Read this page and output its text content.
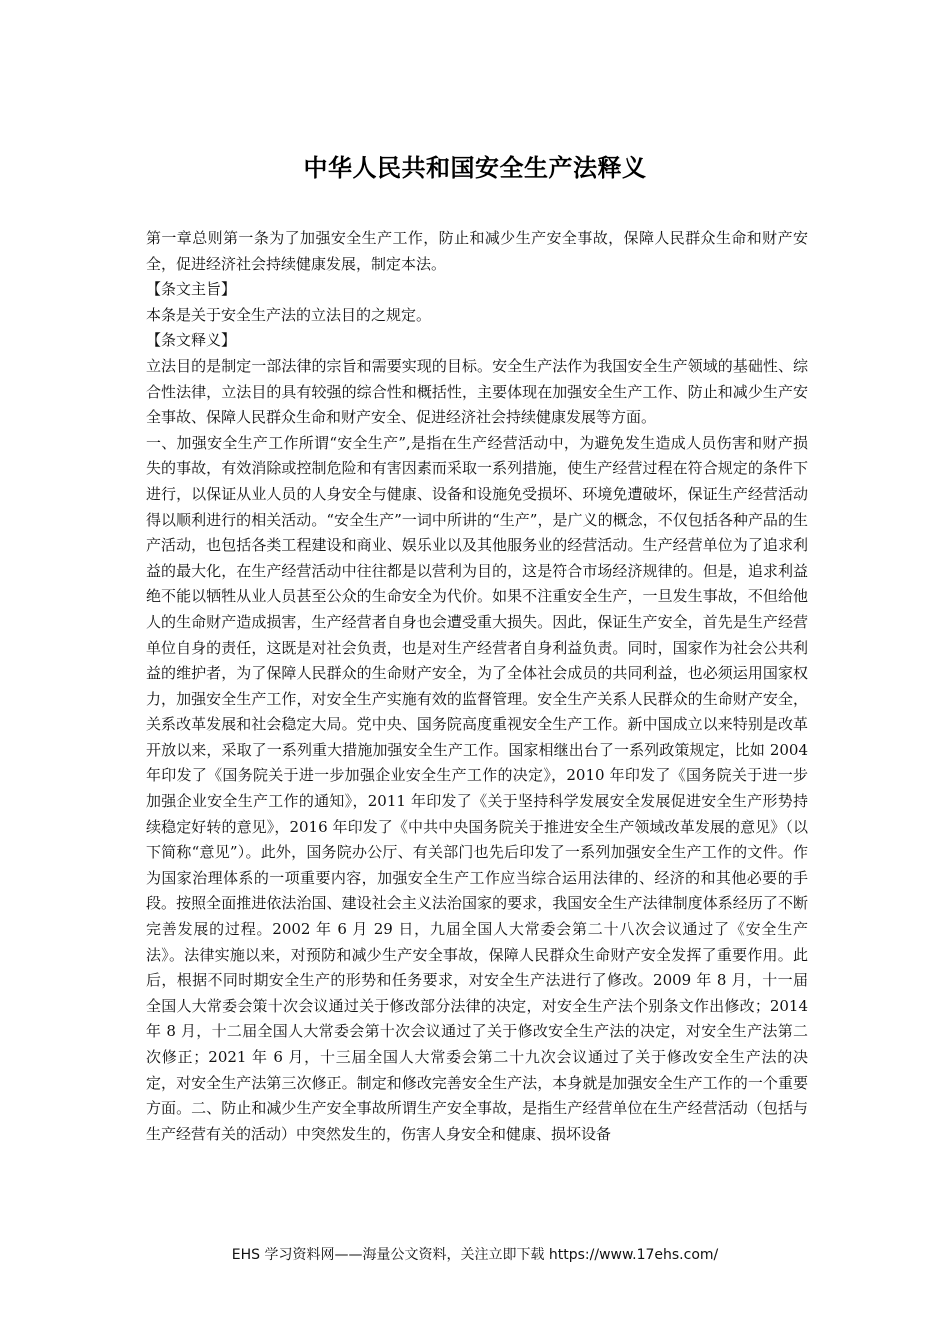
中华人民共和国安全生产法释义

第一章总则第一条为了加强安全生产工作，防止和减少生产安全事故，保障人民群众生命和财产安全，促进经济社会持续健康发展，制定本法。

【条文主旨】

本条是关于安全生产法的立法目的之规定。

【条文释义】

立法目的是制定一部法律的宗旨和需要实现的目标。安全生产法作为我国安全生产领域的基础性、综合性法律，立法目的具有较强的综合性和概括性，主要体现在加强安全生产工作、防止和减少生产安全事故、保障人民群众生命和财产安全、促进经济社会持续健康发展等方面。

一、加强安全生产工作所谓“安全生产”,是指在生产经营活动中，为避免发生造成人员伤害和财产损失的事故，有效消除或控制危险和有害因素而采取一系列措施，使生产经营过程在符合规定的条件下进行，以保证从业人员的人身安全与健康、设备和设施免受损坏、环境免遭破坏，保证生产经营活动得以顺利进行的相关活动。“安全生产”一词中所讲的“生产”，是广义的概念，不仅包括各种产品的生产活动，也包括各类工程建设和商业、娱乐业以及其他服务业的经营活动。生产经营单位为了追求利益的最大化，在生产经营活动中往往都是以营利为目的，这是符合市场经济规律的。但是，追求利益绝不能以牺牲从业人员甚至公众的生命安全为代价。如果不注重安全生产，一旦发生事故，不但给他人的生命财产造成损害，生产经营者自身也会遭受重大损失。因此，保证生产安全，首先是生产经营单位自身的责任，这既是对社会负责，也是对生产经营者自身利益负责。同时，国家作为社会公共利益的维护者，为了保障人民群众的生命财产安全，为了全体社会成员的共同利益，也必须运用国家权力，加强安全生产工作，对安全生产实施有效的监督管理。安全生产关系人民群众的生命财产安全，关系改革发展和社会稳定大局。党中央、国务院高度重视安全生产工作。新中国成立以来特别是改革开放以来，采取了一系列重大措施加强安全生产工作。国家相继出台了一系列政策规定，比如 2004 年印发了《国务院关于进一步加强企业安全生产工作的决定》，2010 年印发了《国务院关于进一步加强企业安全生产工作的通知》，2011 年印发了《关于坚持科学发展安全发展促进安全生产形势持续稳定好转的意见》，2016 年印发了《中共中央国务院关于推进安全生产领域改革发展的意见》（以下简称“意见”）。此外，国务院办公厅、有关部门也先后印发了一系列加强安全生产工作的文件。作为国家治理体系的一项重要内容，加强安全生产工作应当综合运用法律的、经济的和其他必要的手段。按照全面推进依法治国、建设社会主义法治国家的要求，我国安全生产法律制度体系经历了不断完善发展的过程。2002 年 6 月 29 日，九届全国人大常委会第二十八次会议通过了《安全生产法》。法律实施以来，对预防和减少生产安全事故，保障人民群众生命财产安全发挥了重要作用。此后，根据不同时期安全生产的形势和任务要求，对安全生产法进行了修改。2009 年 8 月，十一届全国人大常委会策十次会议通过关于修改部分法律的决定，对安全生产法个别条文作出修改；2014 年 8 月，十二届全国人大常委会第十次会议通过了关于修改安全生产法的决定，对安全生产法第二次修正；2021 年 6 月，十三届全国人大常委会第二十九次会议通过了关于修改安全生产法的决定，对安全生产法第三次修正。制定和修改完善安全生产法，本身就是加强安全生产工作的一个重要方面。二、防止和减少生产安全事故所谓生产安全事故，是指生产经营单位在生产经营活动（包括与生产经营有关的活动）中突然发生的，伤害人身安全和健康、损坏设备

EHS 学习资料网——海量公文资料，关注立即下载 https://www.17ehs.com/
